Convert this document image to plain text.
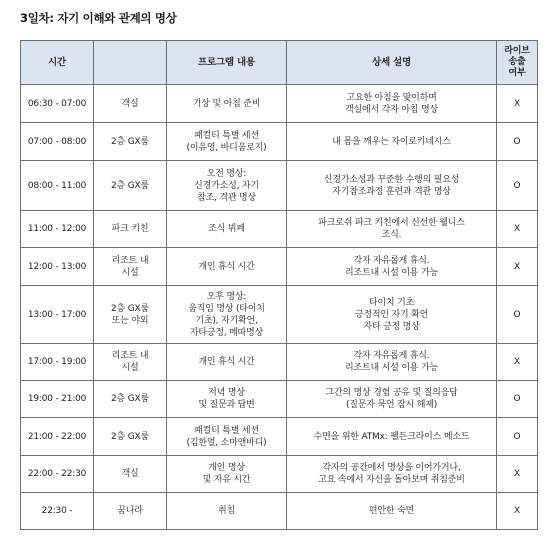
3일차: 자기 이해와 관계의 명상
시간		프로그램 내용	상세 설명	라이브
송출
여부

06:30 - 07:00	객실	기상 및 아침 준비	고요한 아침을 맞이하며
객실에서 각자 아침 명상	X

07:00 - 08:00	2층 GX룸	패컬티 특별 세션
(이유영, 바디움로지)	내 몸을 깨우는 자이로키네시스	O

08:00 - 11:00	2층 GX룸	오전 명상:
신경가소성, 자기
참조, 격관 명상	신경가소성과 꾸준한 수행의 필요성
자기참조과정 훈련과 격관 명상	O

11:00 - 12:00	파크 키친	조식 뷔페	파크로쉬 파크 키친에서 신선한 웰니스
조식.	X

12:00 - 13:00	리조트 내
시설	개인 휴식 시간	각자 자유롭게 휴식.
리조트내 시설 이용 가능	X

13:00 - 17:00	2층 GX룸
또는 야외	오후 명상:
움직임 명상 (타이치
기초), 자기확언,
자타긍정, 메따명상	타이치 기초
긍정적인 자기 확언
자타 긍정 명상	O

17:00 - 19:00	리조트 내
시설	개인 휴식 시간	각자 자유롭게 휴식.
리조트내 시설 이용 가능	X

19:00 - 21:00	2층 GX룸	저녁 명상
및 질문과 답변	그간의 명상 경험 공유 및 질의응답
(질문자 묵언 잠시 해제)	O

21:00 - 22:00	2층 GX룸	패컬티 특별 세션
(김한얼, 소마앤바디)	수면을 위한 ATMx: 펠든크라이스 메소드	O

22:00 - 22:30	객실	개인 명상
및 자유 시간	각자의 공간에서 명상을 이어가거나,
고요 속에서 자신을 돌아보며 취침준비	X

22:30 -	꿈나라	취침	편안한 숙면	X
